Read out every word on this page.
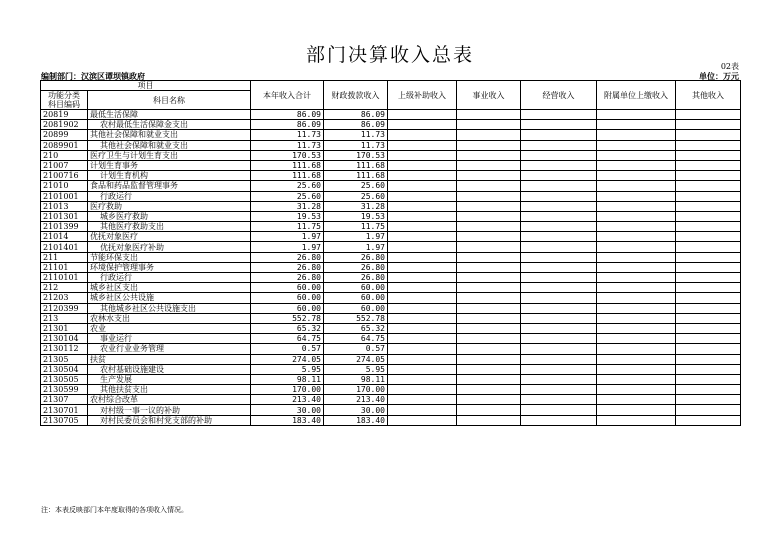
部门决算收入总表
02表
编制部门：汉滨区谭坝镇政府	单位：万元
项目		本年收入合计	财政拨款收入	上级补助收入	事业收入	经营收入	附属单位上缴收入	其他收入
功能分类	科目名称							
科目编码								
20819	最低生活保障	86.09	86.09					
2081902	农村最低生活保障金支出	86.09	86.09					
20899	其他社会保障和就业支出	11.73	11.73					
2089901	其他社会保障和就业支出	11.73	11.73					
210	医疗卫生与计划生育支出	170.53	170.53					
21007	计划生育事务	111.68	111.68					
2100716	计划生育机构	111.68	111.68					
21010	食品和药品监督管理事务	25.60	25.60					
2101001	行政运行	25.60	25.60					
21013	医疗救助	31.28	31.28					
2101301	城乡医疗救助	19.53	19.53					
2101399	其他医疗救助支出	11.75	11.75					
21014	优抚对象医疗	1.97	1.97					
2101401	优抚对象医疗补助	1.97	1.97					
211	节能环保支出	26.80	26.80					
21101	环境保护管理事务	26.80	26.80					
2110101	行政运行	26.80	26.80					
212	城乡社区支出	60.00	60.00					
21203	城乡社区公共设施	60.00	60.00					
2120399	其他城乡社区公共设施支出	60.00	60.00					
213	农林水支出	552.78	552.78					
21301	农业	65.32	65.32					
2130104	事业运行	64.75	64.75					
2130112	农业行业业务管理	0.57	0.57					
21305	扶贫	274.05	274.05					
2130504	农村基础设施建设	5.95	5.95					
2130505	生产发展	98.11	98.11					
2130599	其他扶贫支出	170.00	170.00					
21307	农村综合改革	213.40	213.40					
2130701	对村级一事一议的补助	30.00	30.00					
2130705	对村民委员会和村党支部的补助	183.40	183.40					
注：本表反映部门本年度取得的各项收入情况。
